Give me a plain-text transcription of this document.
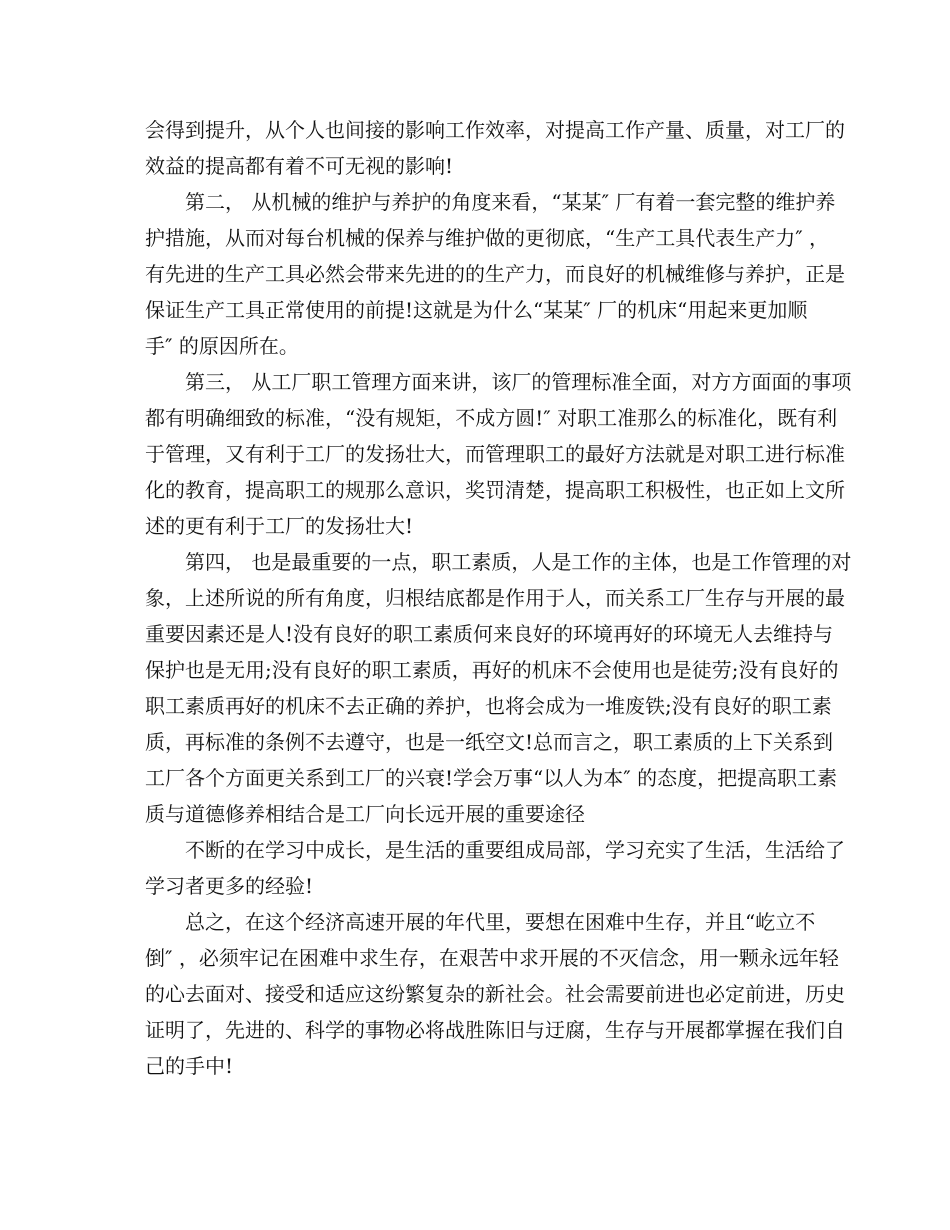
会得到提升，从个人也间接的影响工作效率，对提高工作产量、质量，对工厂的
效益的提高都有着不可无视的影响!
第二， 从机械的维护与养护的角度来看，“某某″ 厂有着一套完整的维护养
护措施，从而对每台机械的保养与维护做的更彻底，“生产工具代表生产力″ ，
有先进的生产工具必然会带来先进的的生产力，而良好的机械维修与养护，正是
保证生产工具正常使用的前提!这就是为什么“某某″ 厂的机床“用起来更加顺
手″ 的原因所在。
第三， 从工厂职工管理方面来讲，该厂的管理标准全面，对方方面面的事项
都有明确细致的标准，“没有规矩，不成方圆!″ 对职工准那么的标准化，既有利
于管理，又有利于工厂的发扬壮大，而管理职工的最好方法就是对职工进行标准
化的教育，提高职工的规那么意识，奖罚清楚，提高职工积极性，也正如上文所
述的更有利于工厂的发扬壮大!
第四， 也是最重要的一点，职工素质，人是工作的主体，也是工作管理的对
象，上述所说的所有角度，归根结底都是作用于人，而关系工厂生存与开展的最
重要因素还是人!没有良好的职工素质何来良好的环境再好的环境无人去维持与
保护也是无用;没有良好的职工素质，再好的机床不会使用也是徒劳;没有良好的
职工素质再好的机床不去正确的养护，也将会成为一堆废铁;没有良好的职工素
质，再标准的条例不去遵守，也是一纸空文!总而言之，职工素质的上下关系到
工厂各个方面更关系到工厂的兴衰!学会万事“以人为本″ 的态度，把提高职工素
质与道德修养相结合是工厂向长远开展的重要途径
不断的在学习中成长，是生活的重要组成局部，学习充实了生活，生活给了
学习者更多的经验!
总之，在这个经济高速开展的年代里，要想在困难中生存，并且“屹立不
倒″ ，必须牢记在困难中求生存，在艰苦中求开展的不灭信念，用一颗永远年轻
的心去面对、接受和适应这纷繁复杂的新社会。社会需要前进也必定前进，历史
证明了，先进的、科学的事物必将战胜陈旧与迂腐，生存与开展都掌握在我们自
己的手中!
